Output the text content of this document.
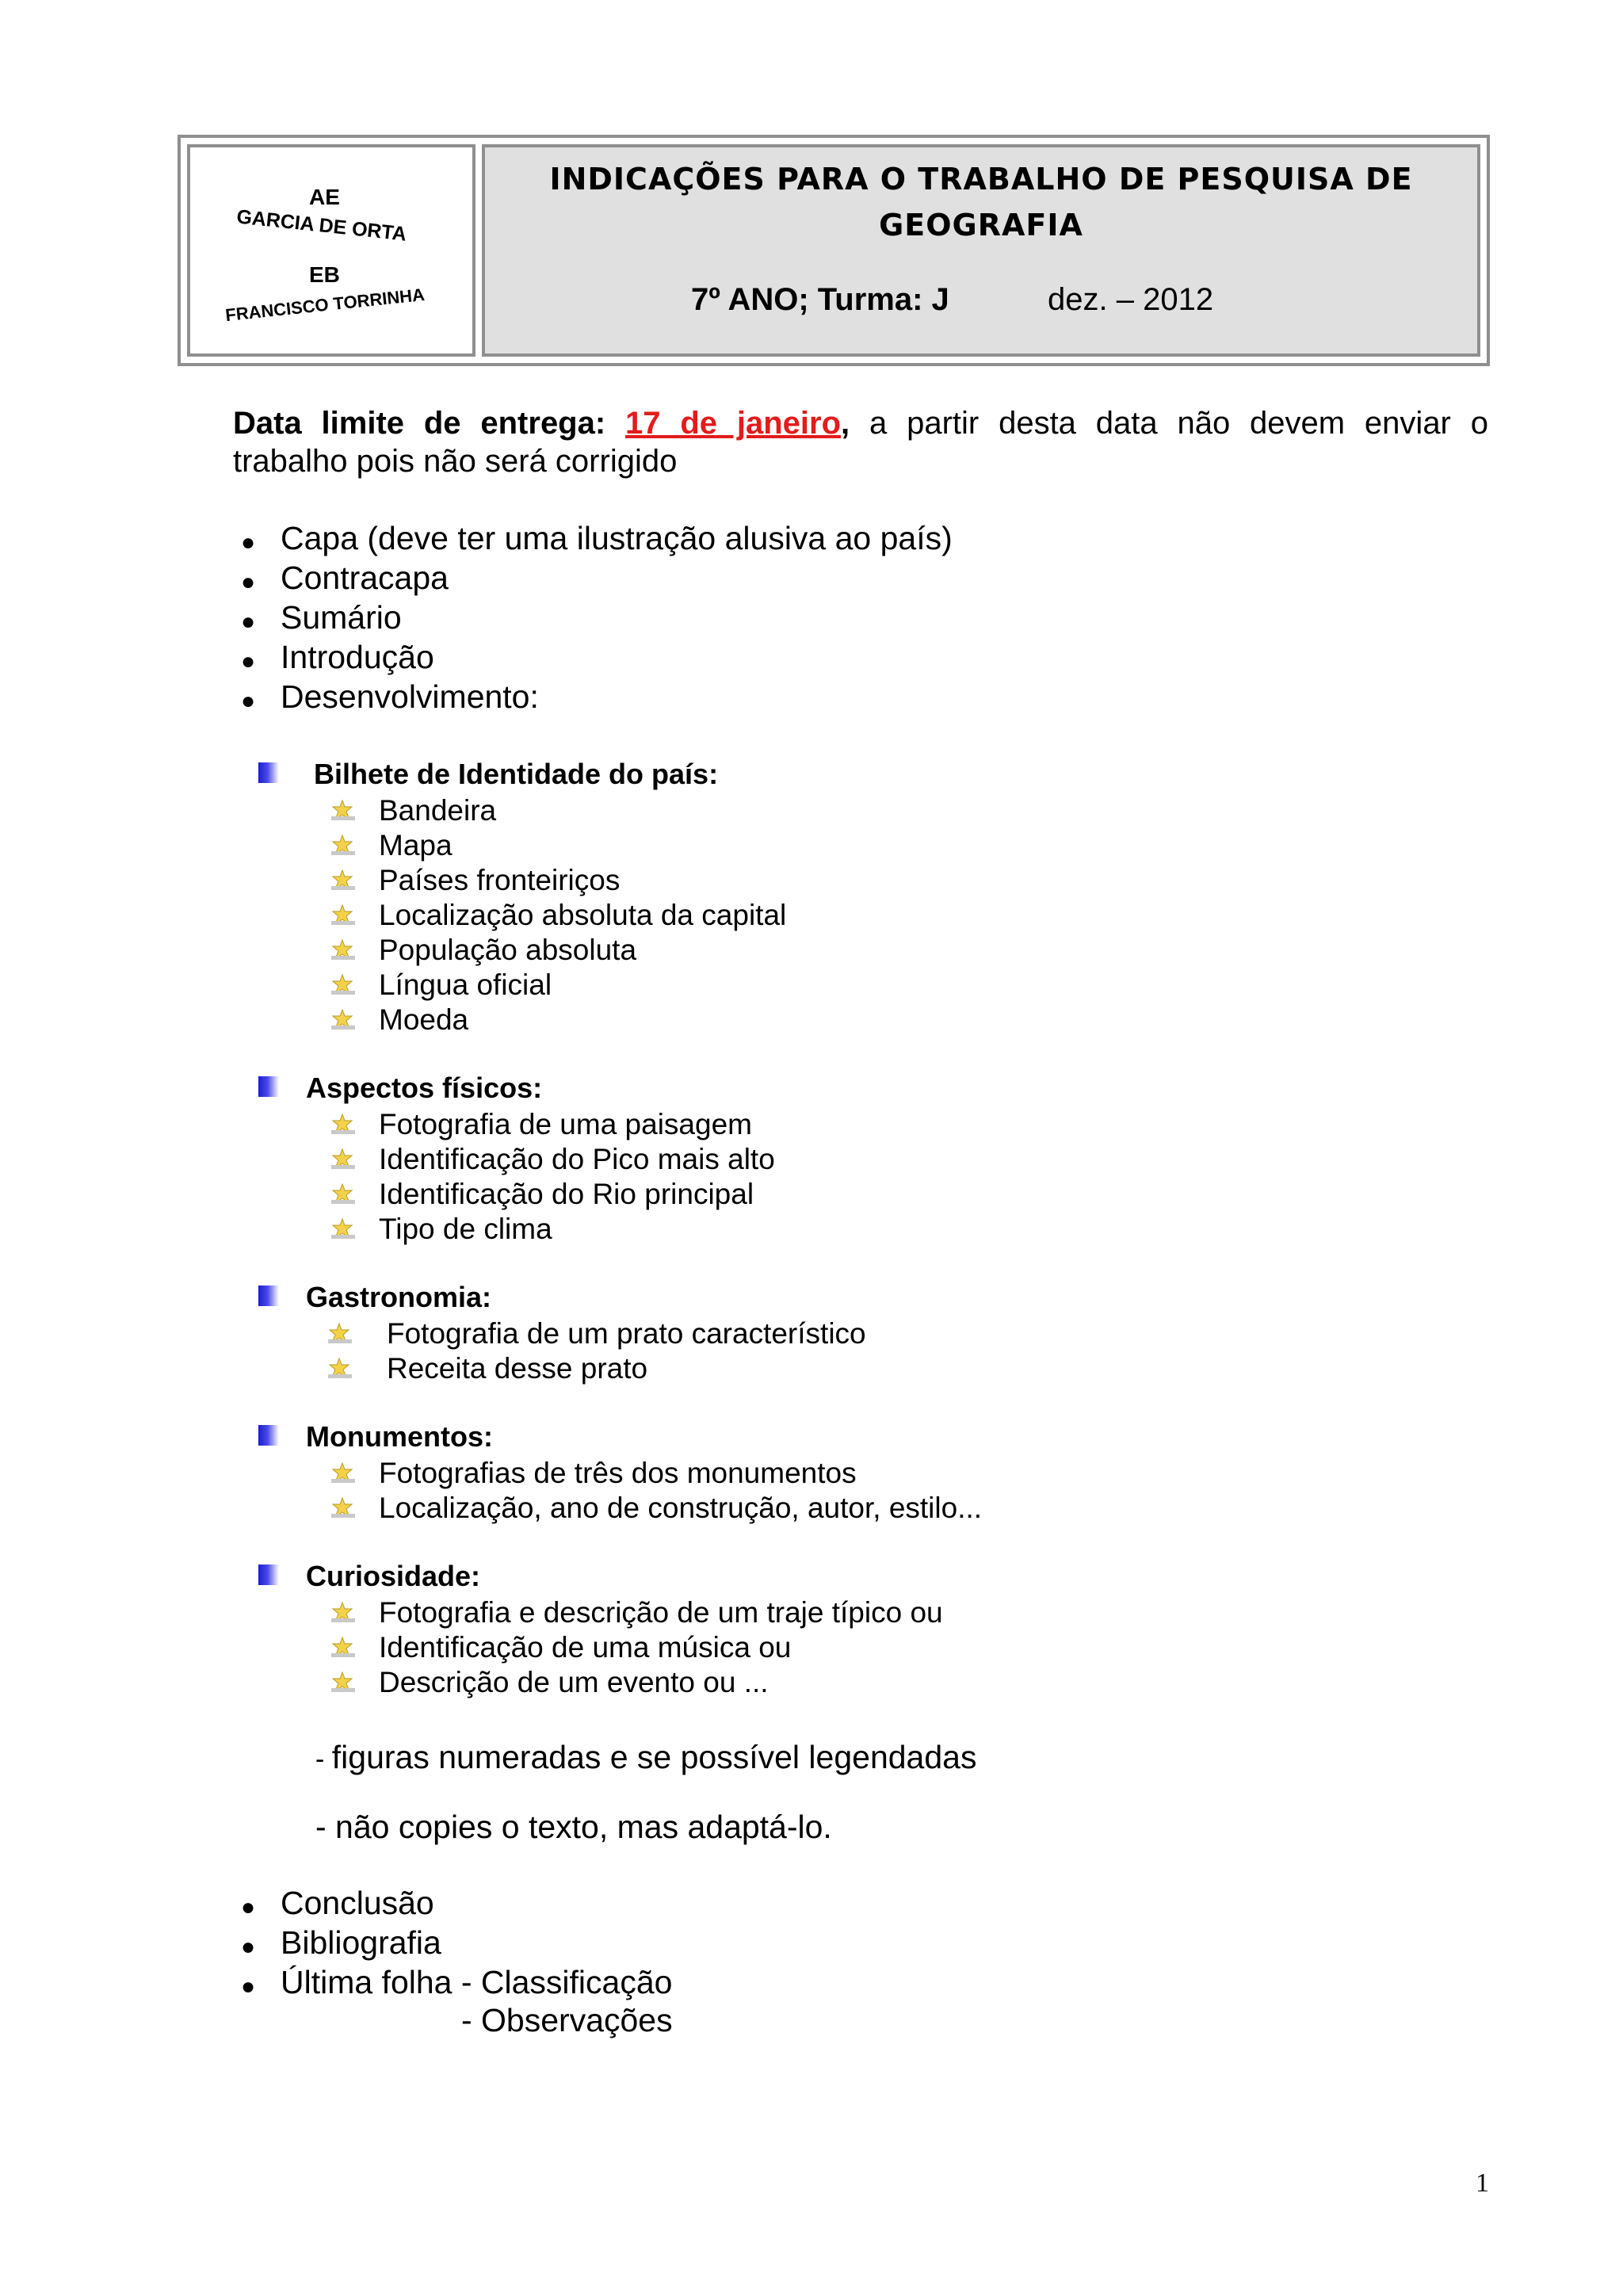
AE
GARCIA DE ORTA
EB
FRANCISCO TORRINHA
INDICAÇÕES PARA O TRABALHO DE PESQUISA DE
GEOGRAFIA
7º ANO; Turma: J	dez. – 2012
Data limite de entrega: 17 de janeiro, a partir desta data não devem enviar o
trabalho pois não será corrigido
● Capa (deve ter uma ilustração alusiva ao país)
● Contracapa
● Sumário
● Introdução
● Desenvolvimento:
Bilhete de Identidade do país:
Bandeira
Mapa
Países fronteiriços
Localização absoluta da capital
População absoluta
Língua oficial
Moeda
Fotografia de uma paisagem
Identificação do Pico mais alto
Identificação do Rio principal
Tipo de clima
Fotografia de um prato característico
Receita desse prato
Fotografias de três dos monumentos
Localização, ano de construção, autor, estilo...
Fotografia e descrição de um traje típico ou
Identificação de uma música ou
Descrição de um evento ou ...
Aspectos físicos:
Gastronomia:
Monumentos:
Curiosidade:
- figuras numeradas e se possível legendadas
- não copies o texto, mas adaptá-lo.
● Conclusão
● Bibliografia
● Última folha - Classificação
- Observações
1
